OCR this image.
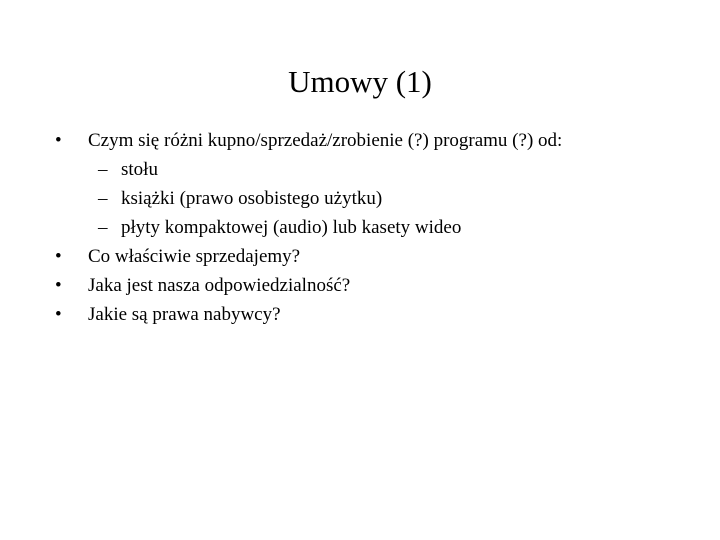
Umowy (1)
•	Czym się różni kupno/sprzedaż/zrobienie (?) programu (?) od:
– stołu
– książki (prawo osobistego użytku)
– płyty kompaktowej (audio) lub kasety wideo
•	Co właściwie sprzedajemy?
•	Jaka jest nasza odpowiedzialność?
•	Jakie są prawa nabywcy?
